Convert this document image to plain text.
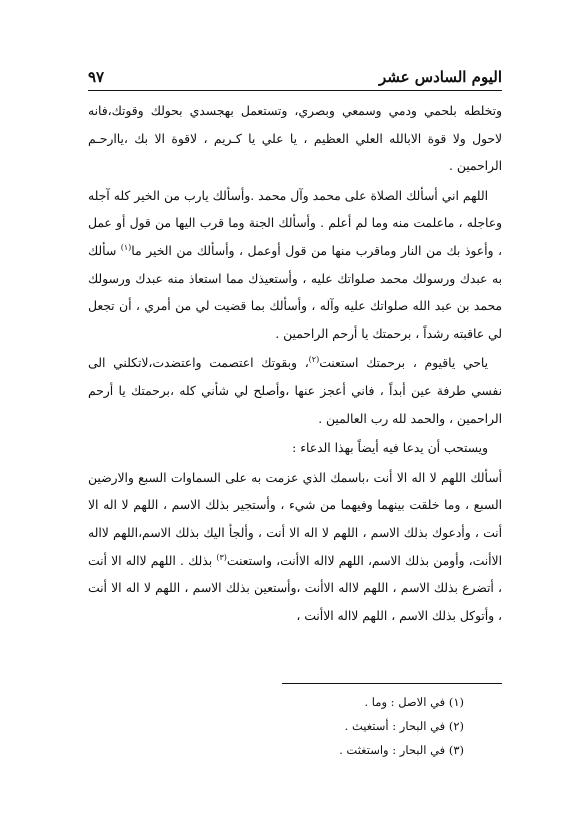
اليوم السادس عشر
٩٧

وتخلطه بلحمي ودمي وسمعي وبصري، وتستعمل بهجسدي بحولك وقوتك،فانه لاحول ولا قوة الابالله العلي العظيم ، يا علي يا كـريم ، لاقوة الا بك ،ياارحـم الراحمين .

اللهم اني أسألك الصلاة على محمد وآل محمد .وأسألك يارب من الخير كله آجله وعاجله ، ماعلمت منه وما لم أعلم . وأسألك الجنة وما قرب اليها من قول أو عمل ، وأعوذ بك من النار وماقرب منها من قول أوعمل ، وأسألك من الخير ما$^{(١)}$ سألك به عبدك ورسولك محمد صلواتك عليه ، وأستعيذك مما استعاذ منه عبدك ورسولك محمد بن عبد الله صلواتك عليه وآله ، وأسألك بما قضيت لي من أمري ، أن تجعل لي عاقبته رشداً ، برحمتك يا أرحم الراحمين .

ياحي ياقيوم ، برحمتك استعنت$^{(٢)}$، وبقوتك اعتصمت واعتضدت،لاتكلني الى نفسي طرفة عين أبداً ، فاني أعجز عنها ،وأصلح لي شأني كله ،برحمتك يا أرحم الراحمين ، والحمد لله رب العالمين .

ويستحب أن يدعا فيه أيضاً بهذا الدعاء :

أسألك اللهم لا اله الا أنت ،باسمك الذي عزمت به على السماوات السبع والارضين السبع ، وما خلقت بينهما وفيهما من شيء ، وأستجير بذلك الاسم ، اللهم لا اله الا أنت ، وأدعوك بذلك الاسم ، اللهم لا اله الا أنت ، وألجأ اليك بذلك الاسم،اللهم لااله الاأنت، وأومن بذلك الاسم، اللهم لااله الاأنت، واستعنت$^{(٣)}$ بذلك . اللهم لااله الا أنت ، أتضرع بذلك الاسم ، اللهم لااله الاأنت ،وأستعين بذلك الاسم ، اللهم لا اله الا أنت ، وأتوكل بذلك الاسم ، اللهم لااله الاأنت ،

(١) في الاصل : وما .
(٢) في البحار : أستغيث .
(٣) في البحار : واستغثت .
